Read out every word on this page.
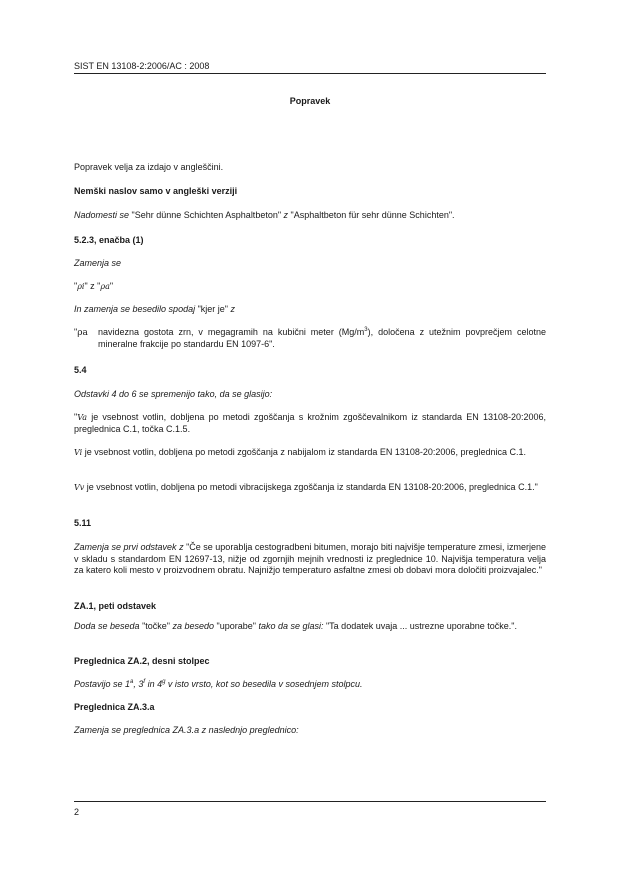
SIST EN 13108-2:2006/AC : 2008
Popravek
Popravek velja za izdajo v angleščini.
Nemški naslov samo v angleški verziji
Nadomesti se "Sehr dünne Schichten Asphaltbeton" z "Asphaltbeton für sehr dünne Schichten".
5.2.3, enačba (1)
Zamenja se
"ρi" z "ρa"
In zamenja se besedilo spodaj "kjer je" z
"ρa navidezna gostota zrn, v megagramih na kubični meter $(Mg/m^3)$, določena z utežnim povprečjem celotne mineralne frakcije po standardu EN 1097-6".
5.4
Odstavki 4 do 6 se spremenijo tako, da se glasijo:
"Va je vsebnost votlin, dobljena po metodi zgoščanja s krožnim zgoščevalnikom iz standarda EN 13108-20:2006, preglednica C.1, točka C.1.5.
Vi je vsebnost votlin, dobljena po metodi zgoščanja z nabijalom iz standarda EN 13108-20:2006, preglednica C.1.
Vv je vsebnost votlin, dobljena po metodi vibracijskega zgoščanja iz standarda EN 13108-20:2006, preglednica C.1."
5.11
Zamenja se prvi odstavek z "Če se uporablja cestogradbeni bitumen, morajo biti najvišje temperature zmesi, izmerjene v skladu s standardom EN 12697-13, nižje od zgornjih mejnih vrednosti iz preglednice 10. Najvišja temperatura velja za katero koli mesto v proizvodnem obratu. Najnižjo temperaturo asfaltne zmesi ob dobavi mora določiti proizvajalec."
ZA.1, peti odstavek
Doda se beseda "točke" za besedo "uporabe" tako da se glasi: "Ta dodatek uvaja ... ustrezne uporabne točke.".
Preglednica ZA.2, desni stolpec
Postavijo se 1$^a$, 3$^f$ in 4$^g$ v isto vrsto, kot so besedila v sosednjem stolpcu.
Preglednica ZA.3.a
Zamenja se preglednica ZA.3.a z naslednjo preglednico:
2
